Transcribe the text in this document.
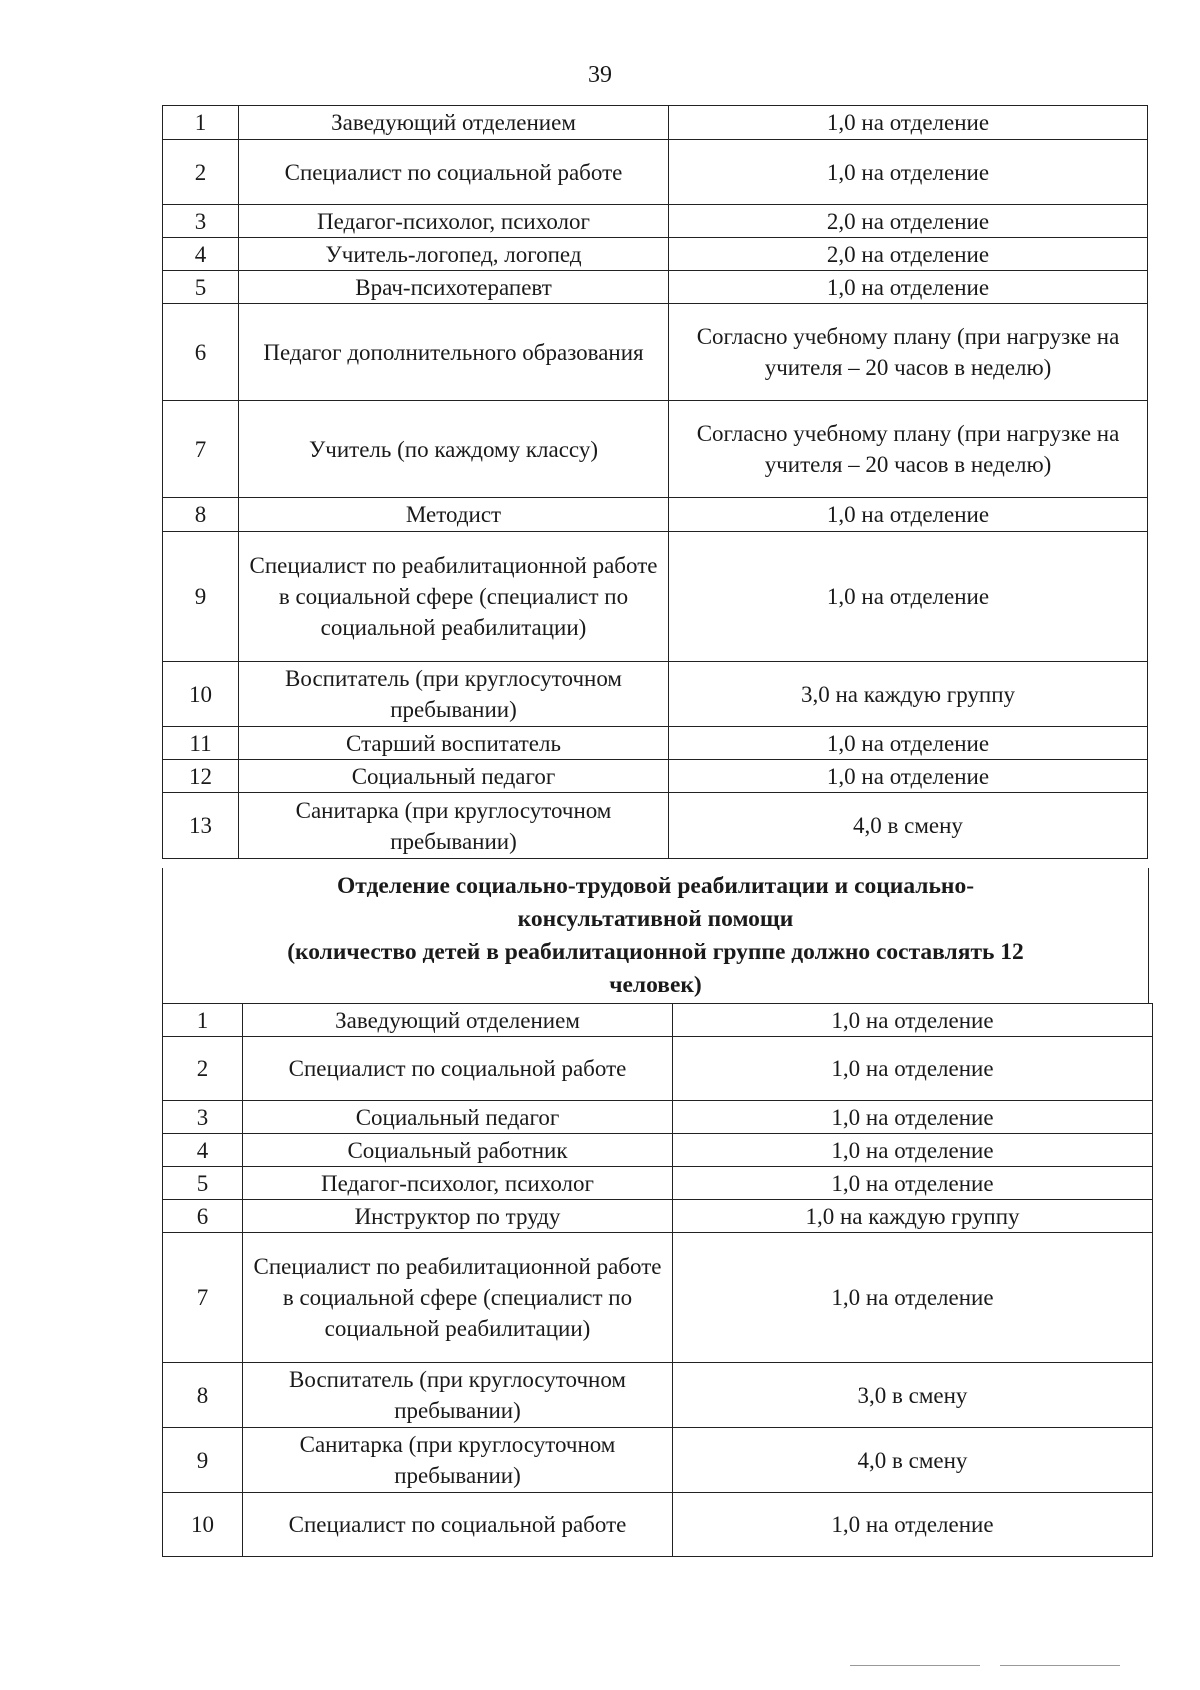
39
1	Заведующий отделением	1,0 на отделение
2	Специалист по социальной работе	1,0 на отделение
3	Педагог-психолог, психолог	2,0 на отделение
4	Учитель-логопед, логопед	2,0 на отделение
5	Врач-психотерапевт	1,0 на отделение
6	Педагог дополнительного образования	Согласно учебному плану (при нагрузке на учителя – 20 часов в неделю)
7	Учитель (по каждому классу)	Согласно учебному плану (при нагрузке на учителя – 20 часов в неделю)
8	Методист	1,0 на отделение
9	Специалист по реабилитационной работе в социальной сфере (специалист по социальной реабилитации)	1,0 на отделение
10	Воспитатель (при круглосуточном пребывании)	3,0 на каждую группу
11	Старший воспитатель	1,0 на отделение
12	Социальный педагог	1,0 на отделение
13	Санитарка (при круглосуточном пребывании)	4,0 в смену
Отделение социально-трудовой реабилитации и социально-
консультативной помощи
(количество детей в реабилитационной группе должно составлять 12
человек)
1	Заведующий отделением	1,0 на отделение
2	Специалист по социальной работе	1,0 на отделение
3	Социальный педагог	1,0 на отделение
4	Социальный работник	1,0 на отделение
5	Педагог-психолог, психолог	1,0 на отделение
6	Инструктор по труду	1,0 на каждую группу
7	Специалист по реабилитационной работе в социальной сфере (специалист по социальной реабилитации)	1,0 на отделение
8	Воспитатель (при круглосуточном пребывании)	3,0 в смену
9	Санитарка (при круглосуточном пребывании)	4,0 в смену
10	Специалист по социальной работе	1,0 на отделение
